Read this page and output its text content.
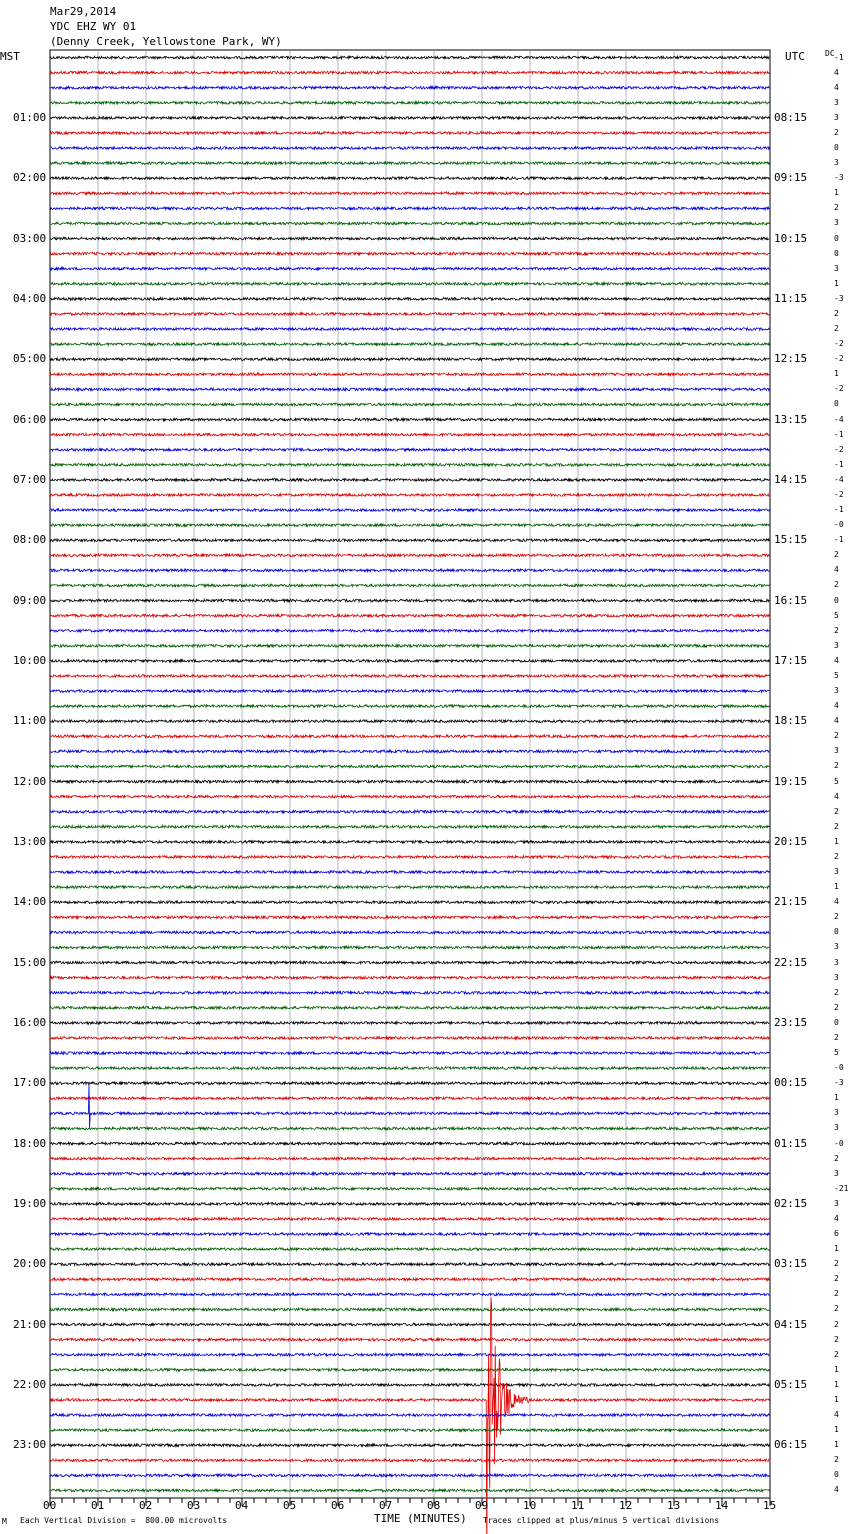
Mar29,2014
YDC EHZ WY 01
(Denny Creek, Yellowstone Park, WY)
MST	UTC	DC -1
4
4
3
3
2
0
3
-3
1
2
3
0
0
3
1
-3
2
2
-2
-2
1
-2
0
-4
-1
-2
-1
-4
-2
-1
-0
-1
2
4
2
0
5
2
3
4
5
3
4
4
2
3
2
5
4
2
2
1
2
3
1
4
2
0
3
3
3
2
2
0
2
5
-0
-3
1
3
3
-0
2
3
-21
3
4
6
1
2
2
2
2
2
2
2
1
1
1
4
1
1
2
0
4
01:00
02:00
03:00
04:00
05:00
06:00
07:00
08:00
09:00
10:00
11:00
12:00
13:00
14:00
15:00
16:00
17:00
18:00
19:00
20:00
21:00
22:00
23:00
08:15
09:15
10:15
11:15
12:15
13:15
14:15
15:15
16:15
17:15
18:15
19:15
20:15
21:15
22:15
23:15
00:15
01:15
02:15
03:15
04:15
05:15
06:15
00	01	02	03	04	05	06	07	08	09	10	11	12	13	14	15
M Each Vertical Division =  800.00 microvolts	TIME (MINUTES) Traces clipped at plus/minus 5 vertical divisions
